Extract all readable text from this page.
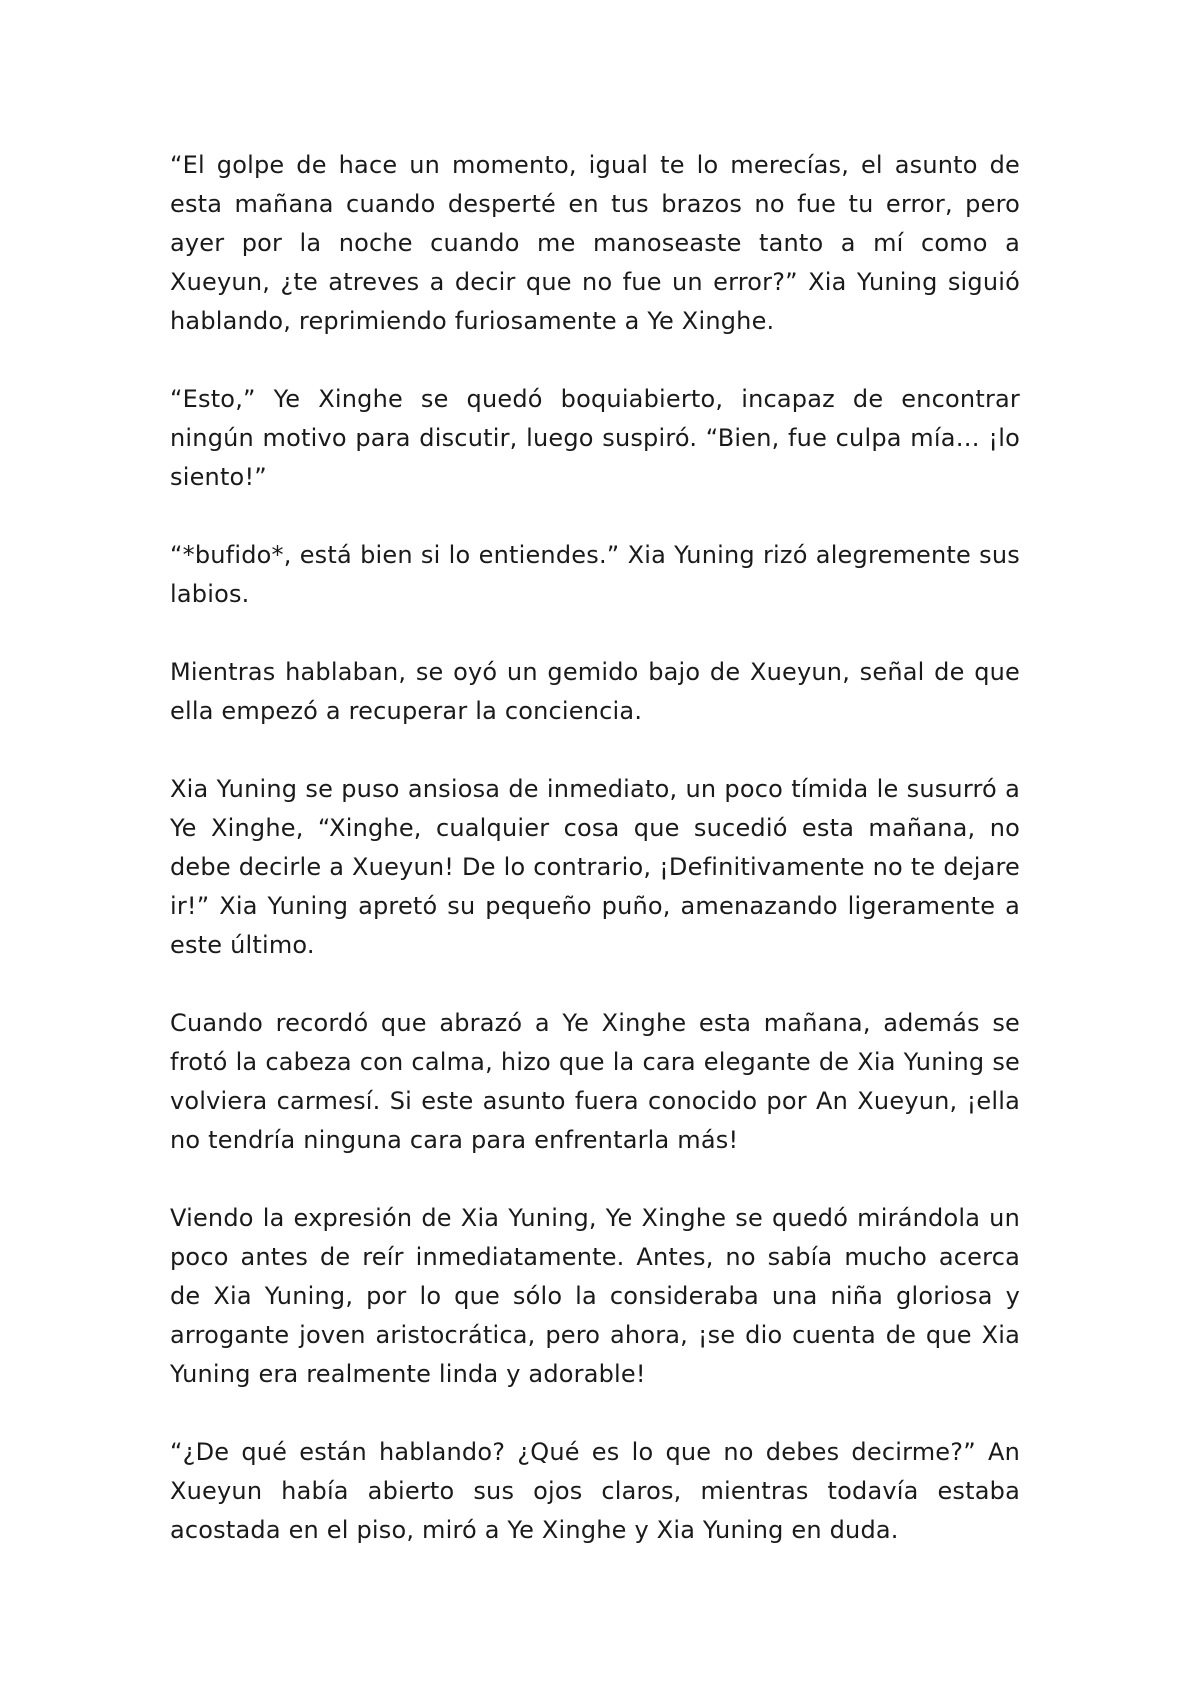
“El golpe de hace un momento, igual te lo merecías, el asunto de esta mañana cuando desperté en tus brazos no fue tu error, pero ayer por la noche cuando me manoseaste tanto a mí como a Xueyun, ¿te atreves a decir que no fue un error?” Xia Yuning siguió hablando, reprimiendo furiosamente a Ye Xinghe.

“Esto,” Ye Xinghe se quedó boquiabierto, incapaz de encontrar ningún motivo para discutir, luego suspiró. “Bien, fue culpa mía… ¡lo siento!”

“*bufido*, está bien si lo entiendes.” Xia Yuning rizó alegremente sus labios.

Mientras hablaban, se oyó un gemido bajo de Xueyun, señal de que ella empezó a recuperar la conciencia.

Xia Yuning se puso ansiosa de inmediato, un poco tímida le susurró a Ye Xinghe, “Xinghe, cualquier cosa que sucedió esta mañana, no debe decirle a Xueyun! De lo contrario, ¡Definitivamente no te dejare ir!” Xia Yuning apretó su pequeño puño, amenazando ligeramente a este último.

Cuando recordó que abrazó a Ye Xinghe esta mañana, además se frotó la cabeza con calma, hizo que la cara elegante de Xia Yuning se volviera carmesí. Si este asunto fuera conocido por An Xueyun, ¡ella no tendría ninguna cara para enfrentarla más!

Viendo la expresión de Xia Yuning, Ye Xinghe se quedó mirándola un poco antes de reír inmediatamente. Antes, no sabía mucho acerca de Xia Yuning, por lo que sólo la consideraba una niña gloriosa y arrogante joven aristocrática, pero ahora, ¡se dio cuenta de que Xia Yuning era realmente linda y adorable!

“¿De qué están hablando? ¿Qué es lo que no debes decirme?” An Xueyun había abierto sus ojos claros, mientras todavía estaba acostada en el piso, miró a Ye Xinghe y Xia Yuning en duda.
